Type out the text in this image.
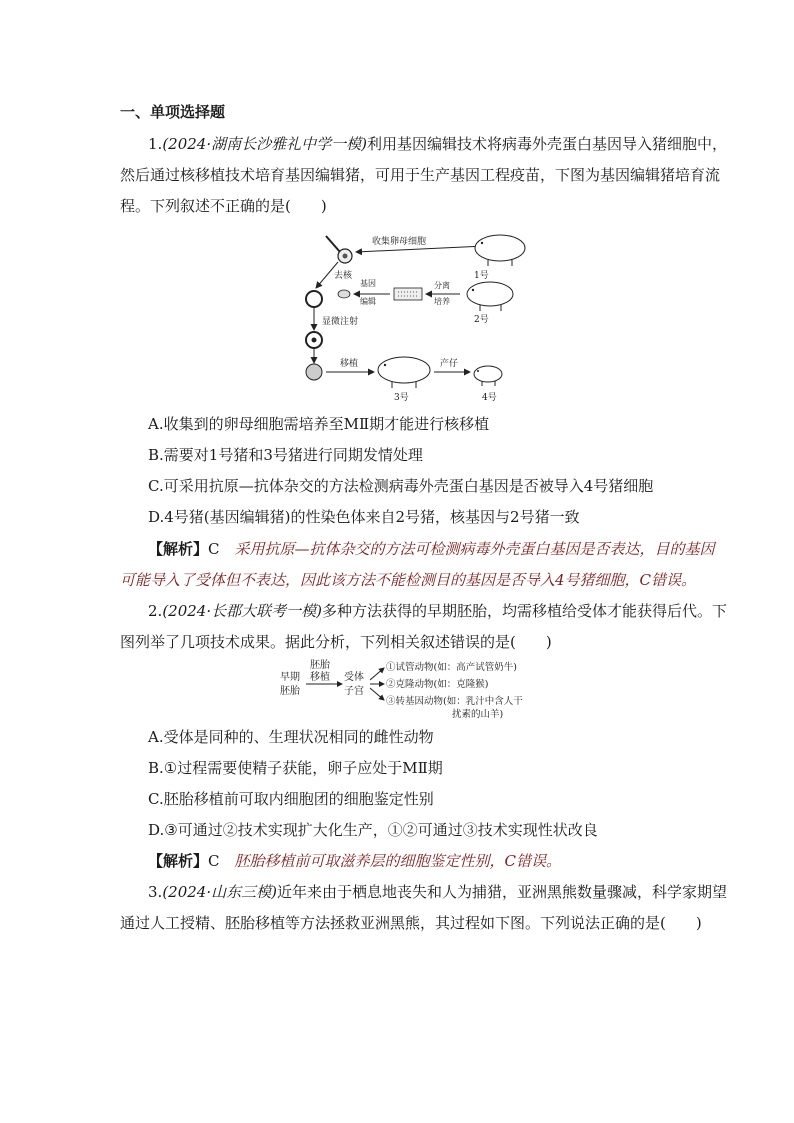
一、单项选择题
1.(2024·湖南长沙雅礼中学一模)利用基因编辑技术将病毒外壳蛋白基因导入猪细胞中，
然后通过核移植技术培育基因编辑猪，可用于生产基因工程疫苗，下图为基因编辑猪培育流
程。下列叙述不正确的是(　　)
收集卵母细胞
1号
去核
基因
编辑
分离
培养
2号
显微注射
移植
3号
产仔
4号
A.收集到的卵母细胞需培养至MⅡ期才能进行核移植
B.需要对1号猪和3号猪进行同期发情处理
C.可采用抗原—抗体杂交的方法检测病毒外壳蛋白基因是否被导入4号猪细胞
D.4号猪(基因编辑猪)的性染色体来自2号猪，核基因与2号猪一致
【解析】C　 采用抗原—抗体杂交的方法可检测病毒外壳蛋白基因是否表达，目的基因
可能导入了受体但不表达，因此该方法不能检测目的基因是否导入4号猪细胞，C错误。
2.(2024·长郡大联考一模)多种方法获得的早期胚胎，均需移植给受体才能获得后代。下
图列举了几项技术成果。据此分析，下列相关叙述错误的是(　　)
早期
胚胎
胚胎
移植 受体
子宫
①试管动物(如：高产试管奶牛)
②克隆动物(如：克隆猴)
③转基因动物(如：乳汁中含人干
扰素的山羊)
A.受体是同种的、生理状况相同的雌性动物
B.①过程需要使精子获能，卵子应处于MⅡ期
C.胚胎移植前可取内细胞团的细胞鉴定性别
D.③可通过②技术实现扩大化生产，①②可通过③技术实现性状改良
【解析】C　 胚胎移植前可取滋养层的细胞鉴定性别，C错误。
3.(2024·山东三模)近年来由于栖息地丧失和人为捕猎，亚洲黑熊数量骤减，科学家期望
通过人工授精、胚胎移植等方法拯救亚洲黑熊，其过程如下图。下列说法正确的是(　　)
